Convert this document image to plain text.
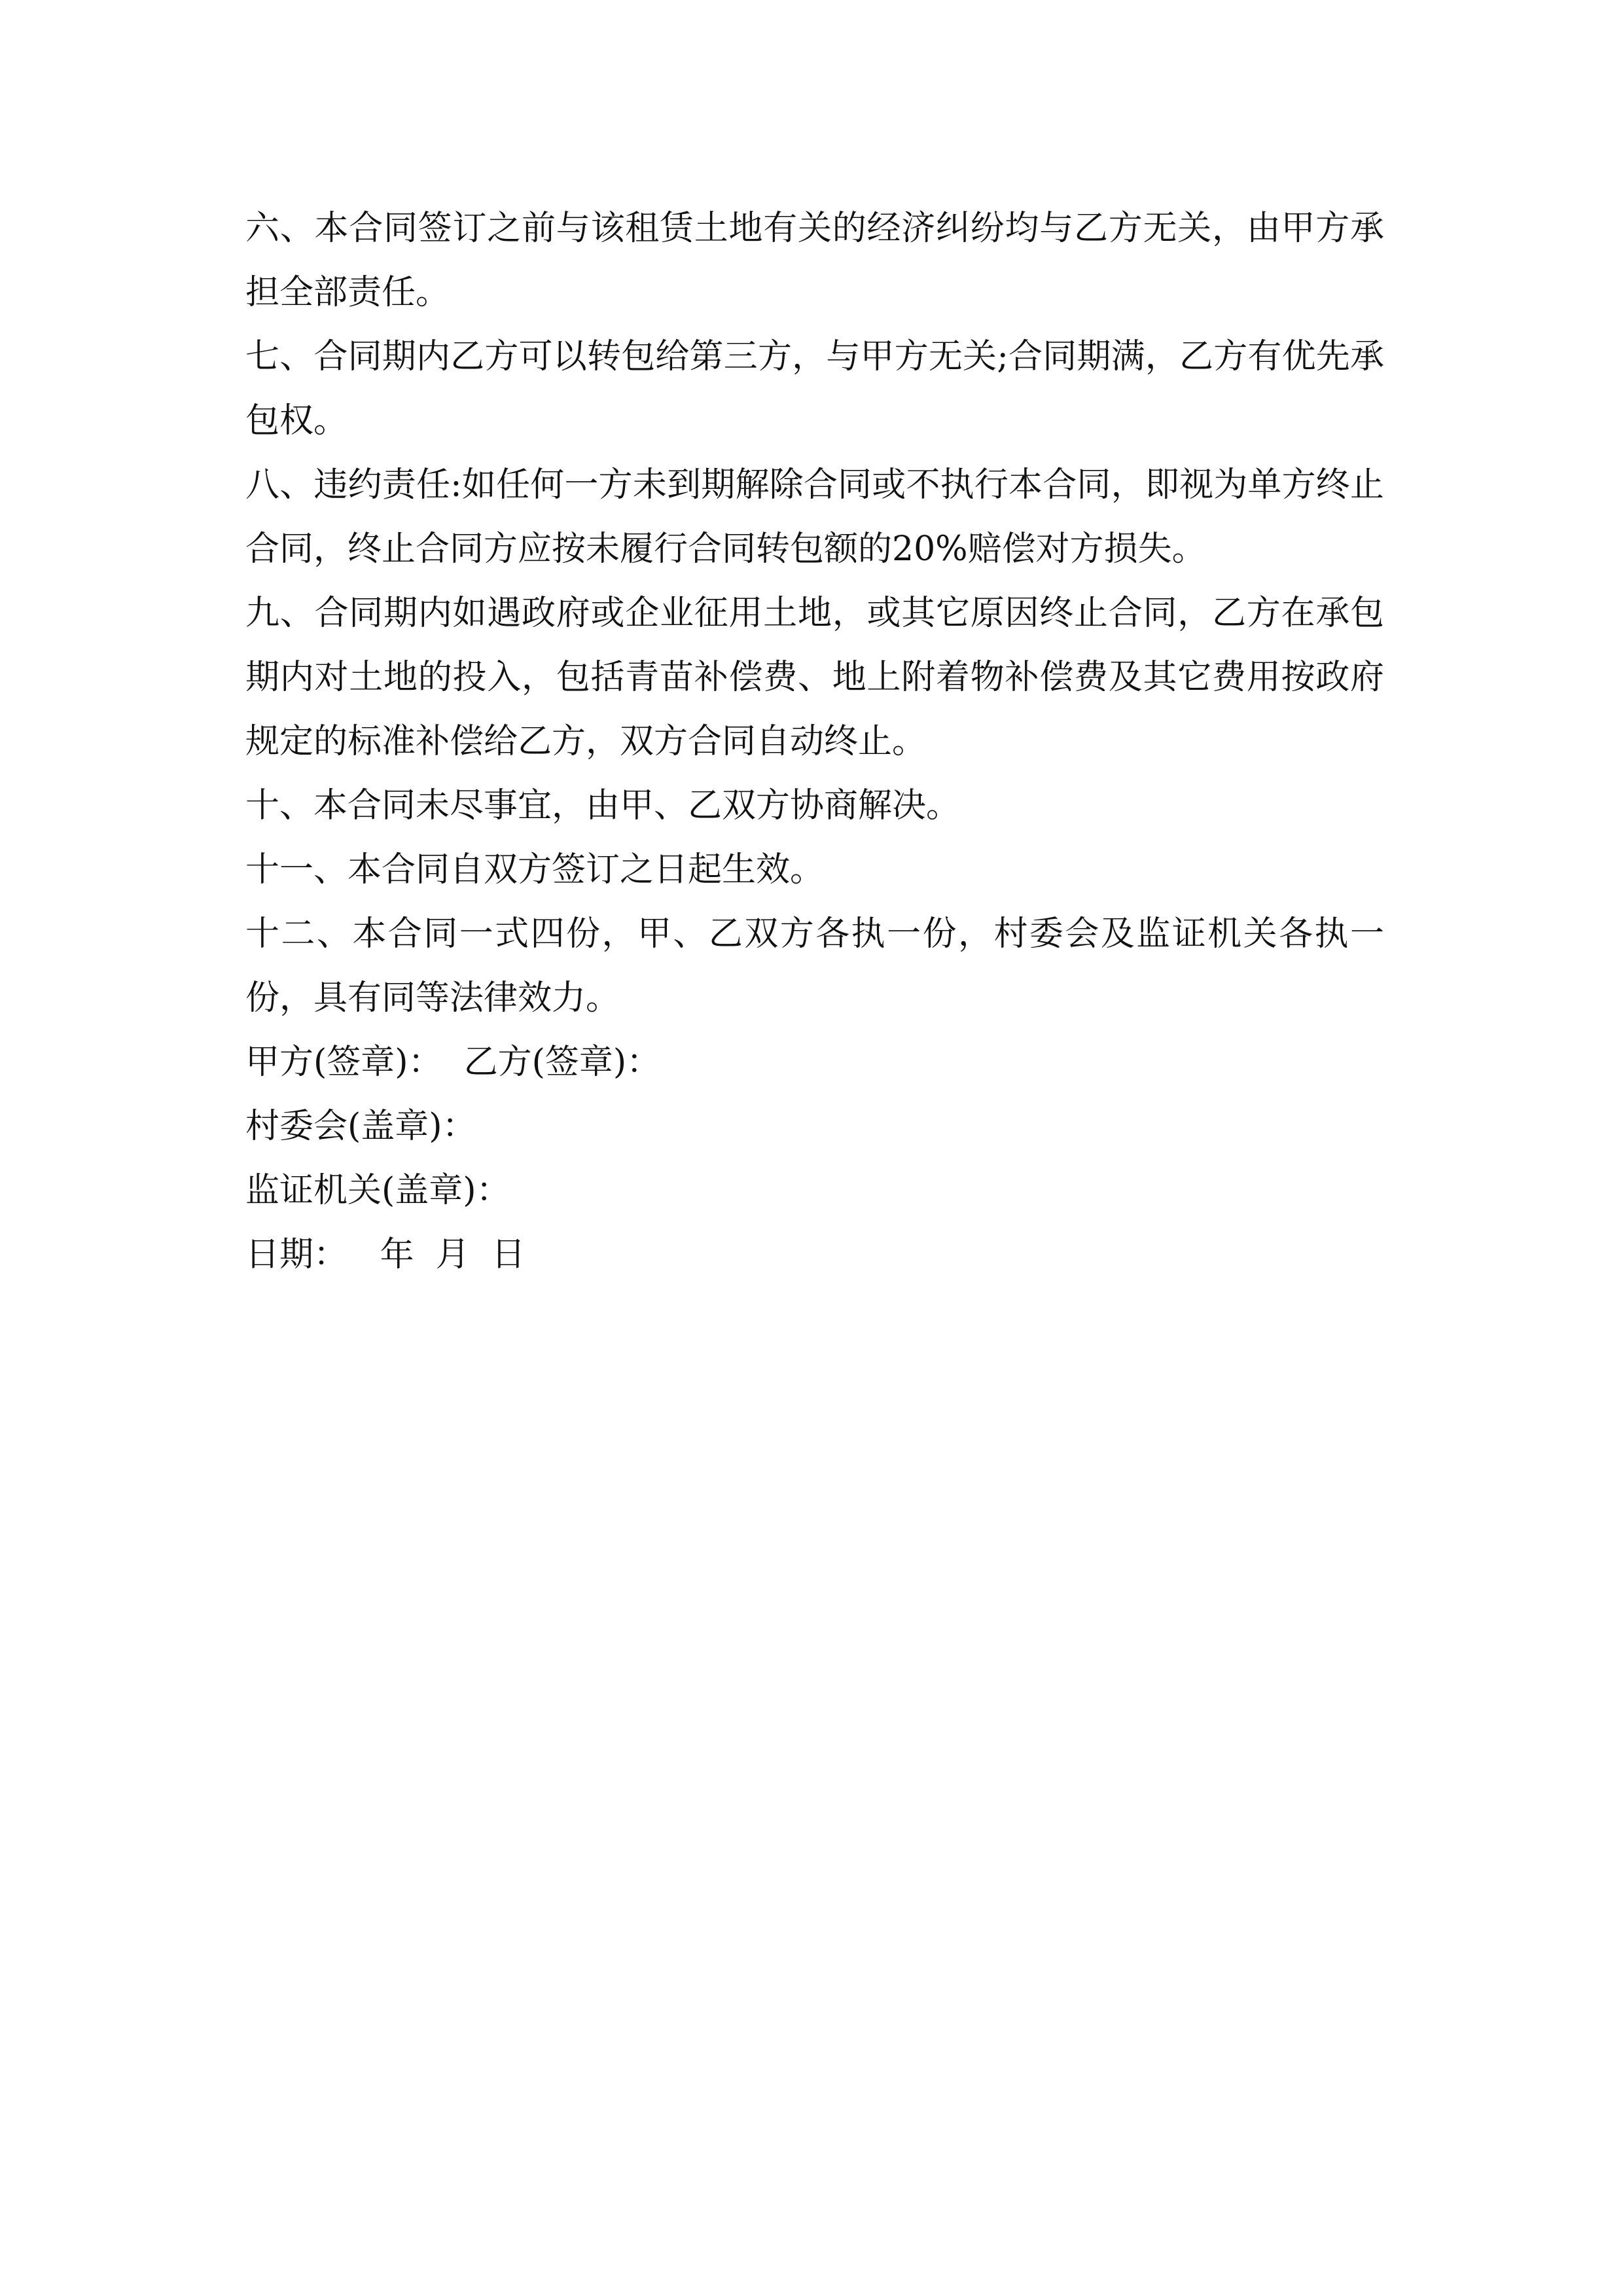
六、本合同签订之前与该租赁土地有关的经济纠纷均与乙方无关，由甲方承担全部责任。

七、合同期内乙方可以转包给第三方，与甲方无关;合同期满，乙方有优先承包权。

八、违约责任:如任何一方未到期解除合同或不执行本合同，即视为单方终止合同，终止合同方应按未履行合同转包额的20%赔偿对方损失。

九、合同期内如遇政府或企业征用土地，或其它原因终止合同，乙方在承包期内对土地的投入，包括青苗补偿费、地上附着物补偿费及其它费用按政府规定的标准补偿给乙方，双方合同自动终止。

十、本合同未尽事宜，由甲、乙双方协商解决。

十一、本合同自双方签订之日起生效。

十二、本合同一式四份，甲、乙双方各执一份，村委会及监证机关各执一份，具有同等法律效力。

甲方(签章)： 乙方(签章)：

村委会(盖章)：

监证机关(盖章)：

日期：   年  月  日
